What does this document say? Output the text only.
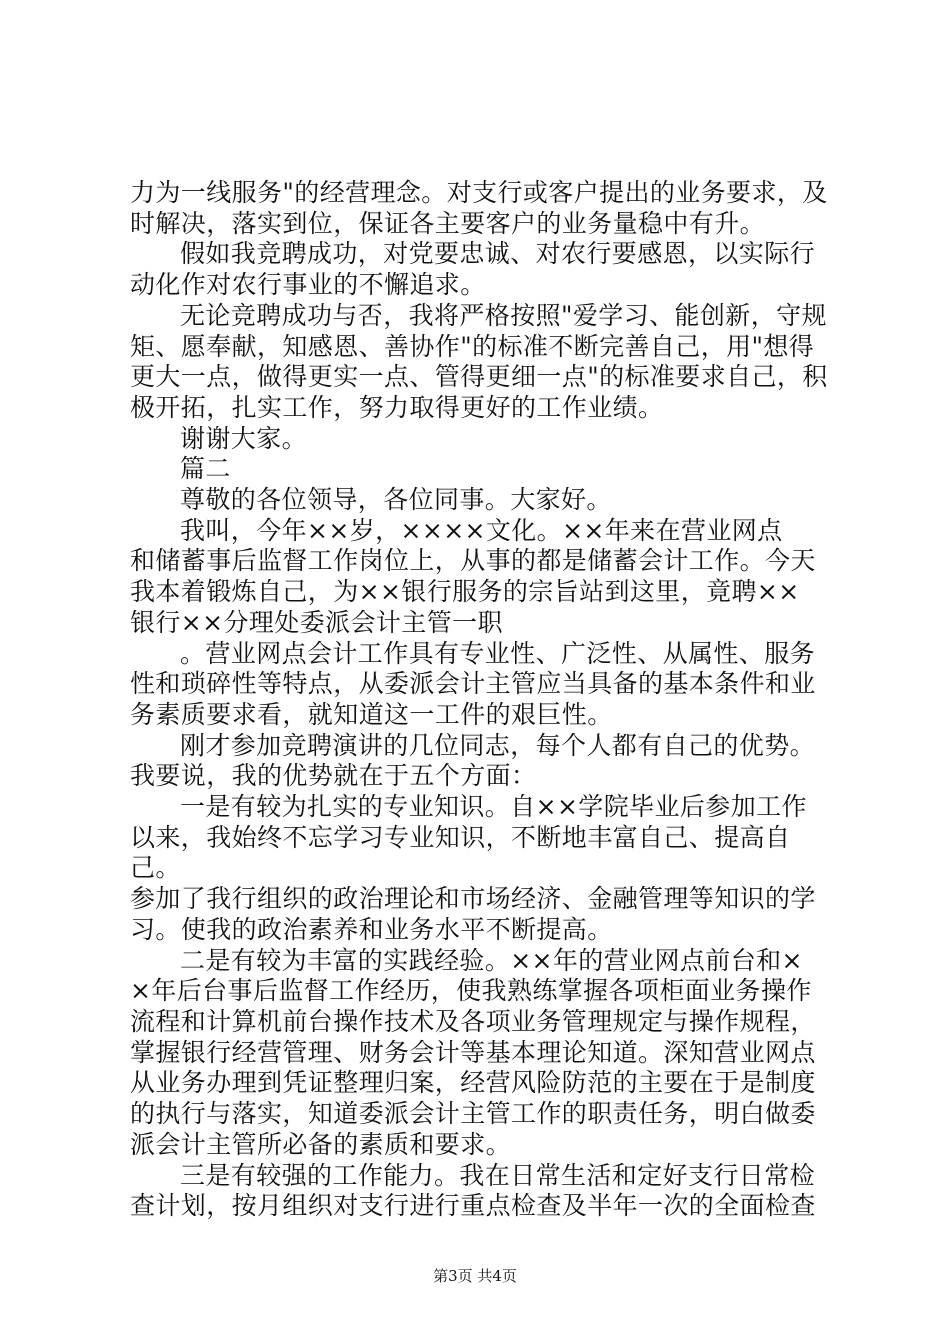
力为一线服务"的经营理念。对支行或客户提出的业务要求，及

时解决，落实到位，保证各主要客户的业务量稳中有升。

假如我竞聘成功，对党要忠诚、对农行要感恩，以实际行

动化作对农行事业的不懈追求。

无论竞聘成功与否，我将严格按照"爱学习、能创新，守规

矩、愿奉献，知感恩、善协作"的标准不断完善自己，用"想得

更大一点，做得更实一点、管得更细一点"的标准要求自己，积

极开拓，扎实工作，努力取得更好的工作业绩。

谢谢大家。

篇二

尊敬的各位领导，各位同事。大家好。

我叫，今年××岁，××××文化。××年来在营业网点

和储蓄事后监督工作岗位上，从事的都是储蓄会计工作。今天

我本着锻炼自己，为××银行服务的宗旨站到这里，竟聘××

银行××分理处委派会计主管一职

。营业网点会计工作具有专业性、广泛性、从属性、服务

性和琐碎性等特点，从委派会计主管应当具备的基本条件和业

务素质要求看，就知道这一工件的艰巨性。

刚才参加竞聘演讲的几位同志，每个人都有自己的优势。

我要说，我的优势就在于五个方面：

一是有较为扎实的专业知识。自××学院毕业后参加工作

以来，我始终不忘学习专业知识，不断地丰富自己、提高自己。

参加了我行组织的政治理论和市场经济、金融管理等知识的学

习。使我的政治素养和业务水平不断提高。

二是有较为丰富的实践经验。××年的营业网点前台和×

×年后台事后监督工作经历，使我熟练掌握各项柜面业务操作

流程和计算机前台操作技术及各项业务管理规定与操作规程，

掌握银行经营管理、财务会计等基本理论知道。深知营业网点

从业务办理到凭证整理归案，经营风险防范的主要在于是制度

的执行与落实，知道委派会计主管工作的职责任务，明白做委

派会计主管所必备的素质和要求。

三是有较强的工作能力。我在日常生活和定好支行日常检

查计划，按月组织对支行进行重点检查及半年一次的全面检查

第3页 共4页
